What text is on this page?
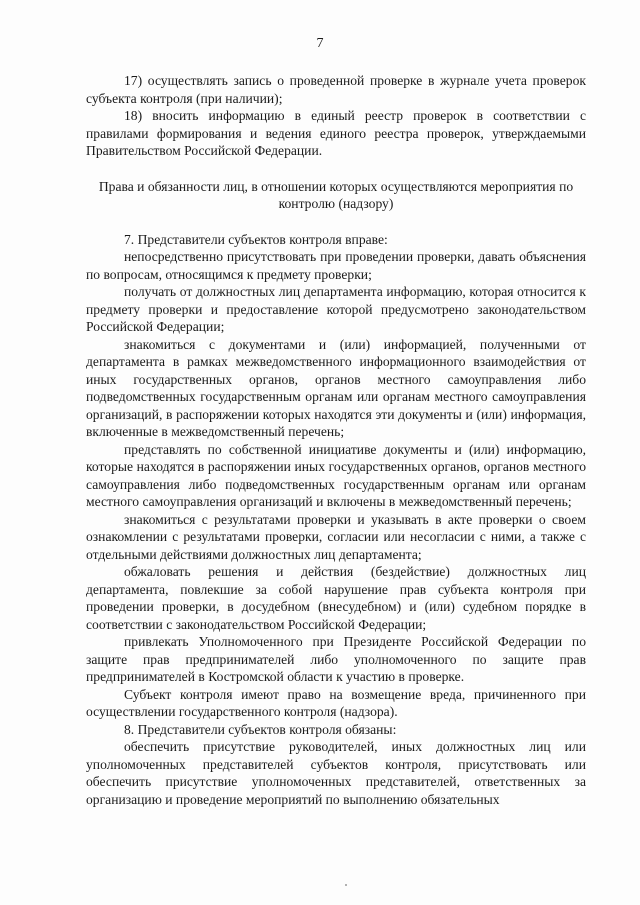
7

17) осуществлять запись о проведенной проверке в журнале учета проверок субъекта контроля (при наличии);

18) вносить информацию в единый реестр проверок в соответствии с правилами формирования и ведения единого реестра проверок, утверждаемыми Правительством Российской Федерации.

Права и обязанности лиц, в отношении которых осуществляются мероприятия по контролю (надзору)

7. Представители субъектов контроля вправе:

непосредственно присутствовать при проведении проверки, давать объяснения по вопросам, относящимся к предмету проверки;

получать от должностных лиц департамента информацию, которая относится к предмету проверки и предоставление которой предусмотрено законодательством Российской Федерации;

знакомиться с документами и (или) информацией, полученными от департамента в рамках межведомственного информационного взаимодействия от иных государственных органов, органов местного самоуправления либо подведомственных государственным органам или органам местного самоуправления организаций, в распоряжении которых находятся эти документы и (или) информация, включенные в межведомственный перечень;

представлять по собственной инициативе документы и (или) информацию, которые находятся в распоряжении иных государственных органов, органов местного самоуправления либо подведомственных государственным органам или органам местного самоуправления организаций и включены в межведомственный перечень;

знакомиться с результатами проверки и указывать в акте проверки о своем ознакомлении с результатами проверки, согласии или несогласии с ними, а также с отдельными действиями должностных лиц департамента;

обжаловать решения и действия (бездействие) должностных лиц департамента, повлекшие за собой нарушение прав субъекта контроля при проведении проверки, в досудебном (внесудебном) и (или) судебном порядке в соответствии с законодательством Российской Федерации;

привлекать Уполномоченного при Президенте Российской Федерации по защите прав предпринимателей либо уполномоченного по защите прав предпринимателей в Костромской области к участию в проверке.

Субъект контроля имеют право на возмещение вреда, причиненного при осуществлении государственного контроля (надзора).

8. Представители субъектов контроля обязаны:

обеспечить присутствие руководителей, иных должностных лиц или уполномоченных представителей субъектов контроля, присутствовать или обеспечить присутствие уполномоченных представителей, ответственных за организацию и проведение мероприятий по выполнению обязательных
